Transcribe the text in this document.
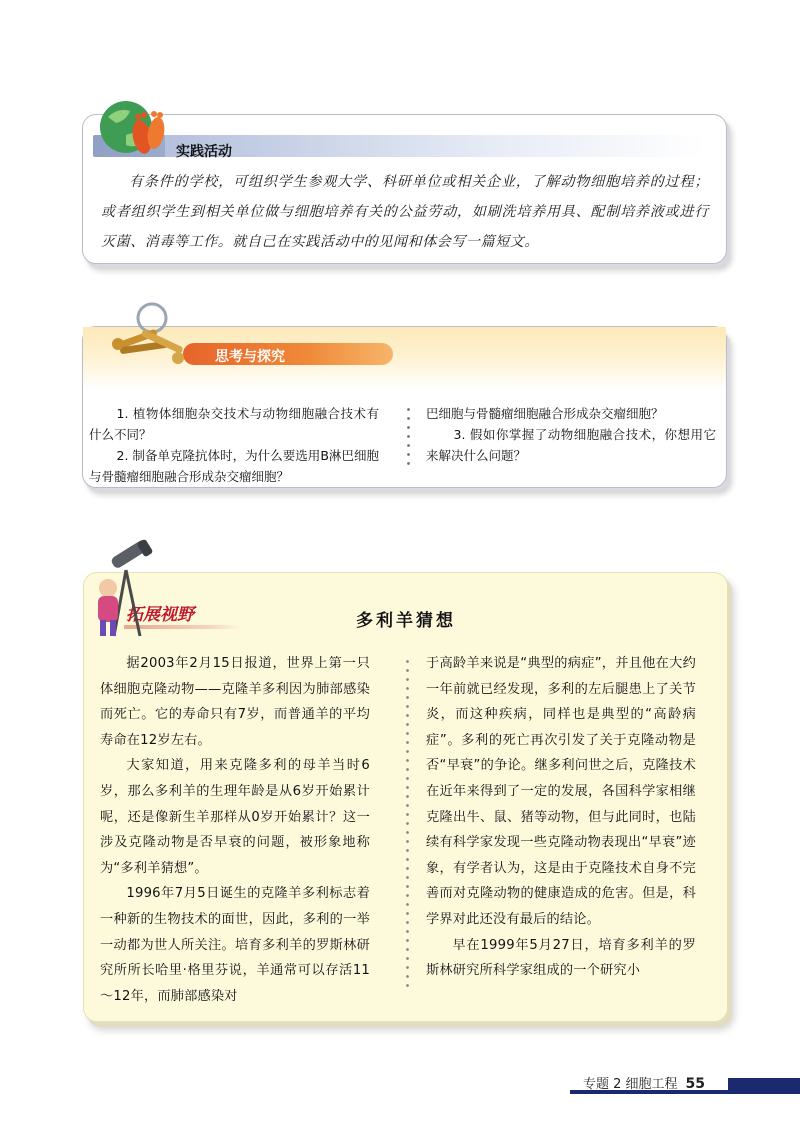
实践活动
有条件的学校，可组织学生参观大学、科研单位或相关企业，了解动物细胞培养的过程；或者组织学生到相关单位做与细胞培养有关的公益劳动，如刷洗培养用具、配制培养液或进行灭菌、消毒等工作。就自己在实践活动中的见闻和体会写一篇短文。
思考与探究

1. 植物体细胞杂交技术与动物细胞融合技术有什么不同？

2. 制备单克隆抗体时，为什么要选用B淋巴细胞与骨髓瘤细胞融合形成杂交瘤细胞？

巴细胞与骨髓瘤细胞融合形成杂交瘤细胞？

3. 假如你掌握了动物细胞融合技术，你想用它来解决什么问题？

拓展视野	多利羊猜想

据2003年2月15日报道，世界上第一只体细胞克隆动物——克隆羊多利因为肺部感染而死亡。它的寿命只有7岁，而普通羊的平均寿命在12岁左右。

大家知道，用来克隆多利的母羊当时6岁，那么多利羊的生理年龄是从6岁开始累计呢，还是像新生羊那样从0岁开始累计？这一涉及克隆动物是否早衰的问题，被形象地称为“多利羊猜想”。

1996年7月5日诞生的克隆羊多利标志着一种新的生物技术的面世，因此，多利的一举一动都为世人所关注。培育多利羊的罗斯林研究所所长哈里·格里芬说，羊通常可以存活11～12年，而肺部感染对

于高龄羊来说是“典型的病症”，并且他在大约一年前就已经发现，多利的左后腿患上了关节炎，而这种疾病，同样也是典型的“高龄病症”。多利的死亡再次引发了关于克隆动物是否“早衰”的争论。继多利问世之后，克隆技术在近年来得到了一定的发展，各国科学家相继克隆出牛、鼠、猪等动物，但与此同时，也陆续有科学家发现一些克隆动物表现出“早衰”迹象，有学者认为，这是由于克隆技术自身不完善而对克隆动物的健康造成的危害。但是，科学界对此还没有最后的结论。

早在1999年5月27日，培育多利羊的罗斯林研究所科学家组成的一个研究小

专题 2 细胞工程 55
